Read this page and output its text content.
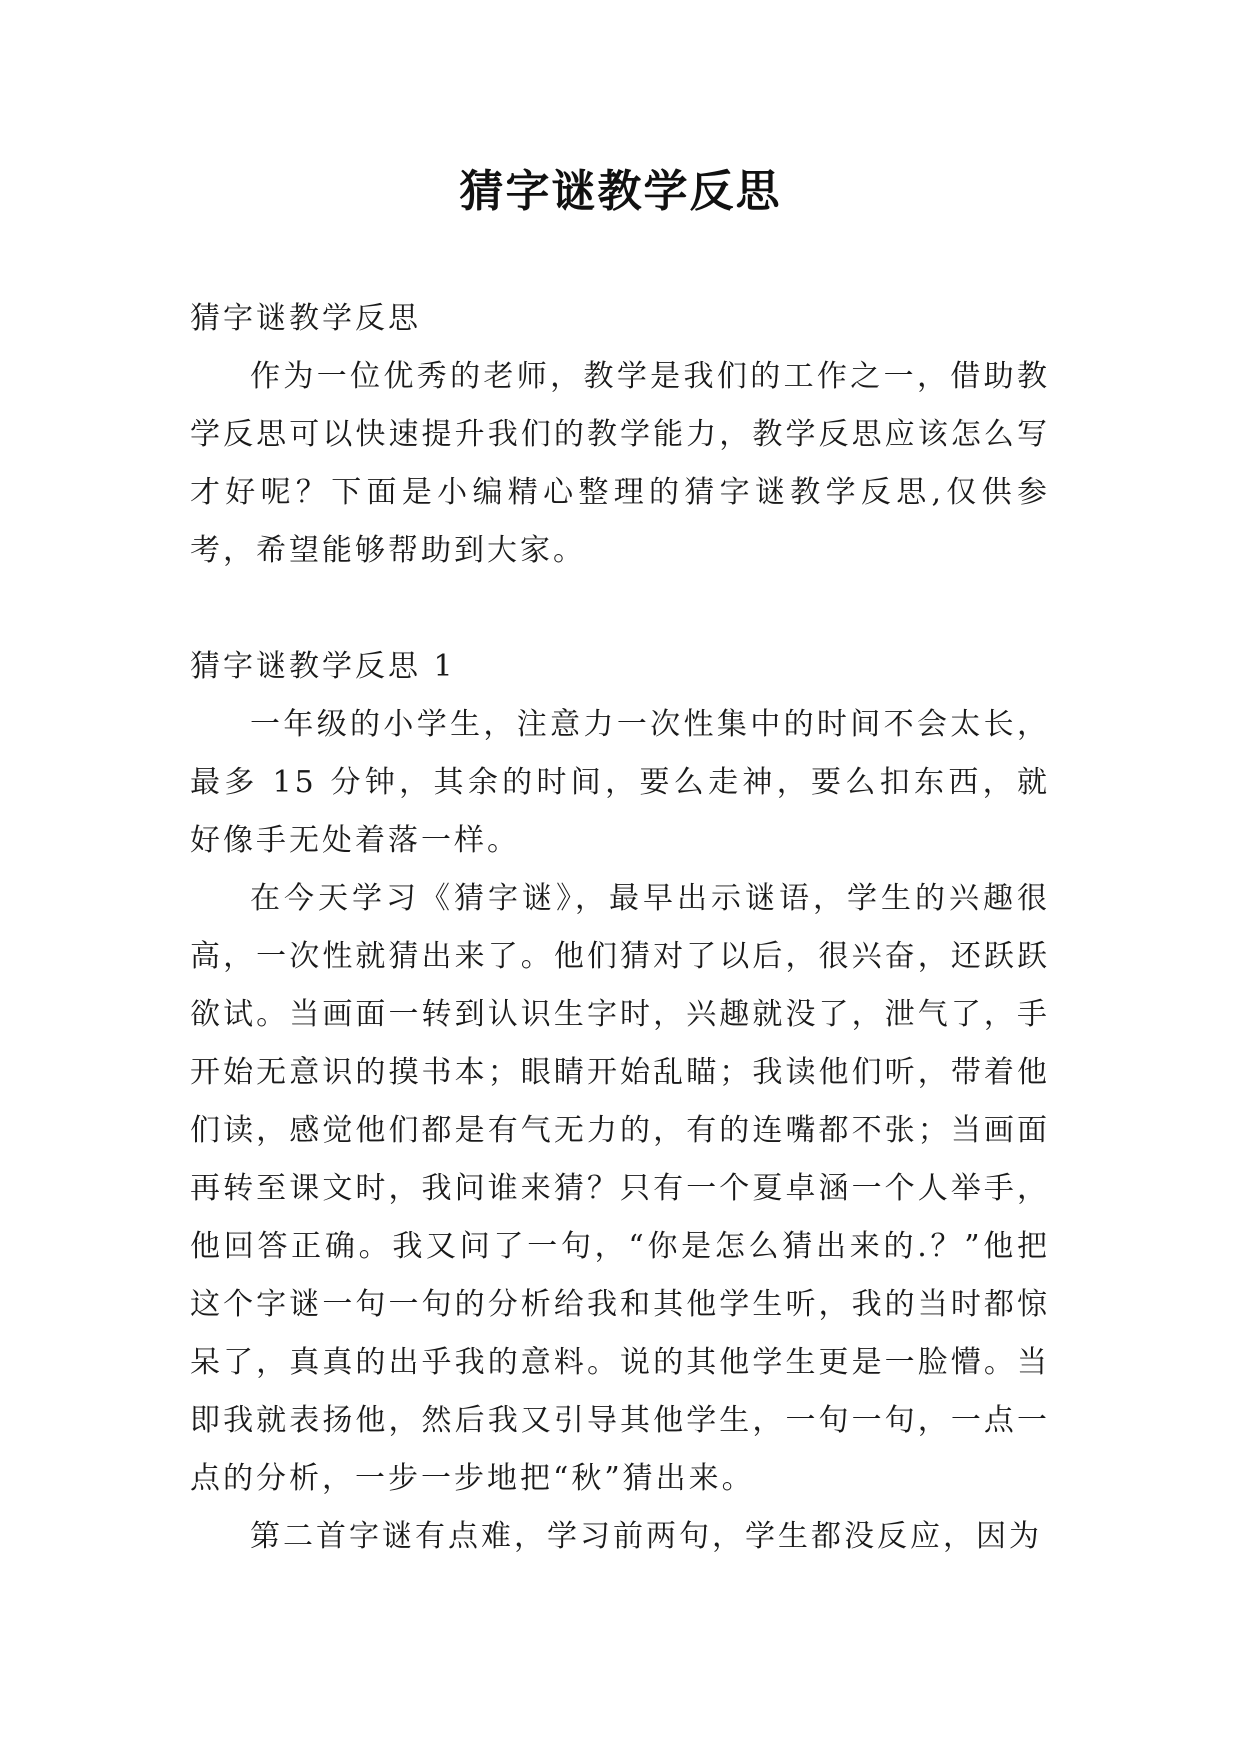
猜字谜教学反思

猜字谜教学反思

作为一位优秀的老师，教学是我们的工作之一，借助教学反思可以快速提升我们的教学能力，教学反思应该怎么写才好呢？下面是小编精心整理的猜字谜教学反思,仅供参考，希望能够帮助到大家。

猜字谜教学反思 1

一年级的小学生，注意力一次性集中的时间不会太长，最多 15 分钟，其余的时间，要么走神，要么扣东西，就好像手无处着落一样。

在今天学习《猜字谜》，最早出示谜语，学生的兴趣很高，一次性就猜出来了。他们猜对了以后，很兴奋，还跃跃欲试。当画面一转到认识生字时，兴趣就没了，泄气了，手开始无意识的摸书本；眼睛开始乱瞄；我读他们听，带着他们读，感觉他们都是有气无力的，有的连嘴都不张；当画面再转至课文时，我问谁来猜？只有一个夏卓涵一个人举手，他回答正确。我又问了一句，“你是怎么猜出来的.？”他把这个字谜一句一句的分析给我和其他学生听，我的当时都惊呆了，真真的出乎我的意料。说的其他学生更是一脸懵。当即我就表扬他，然后我又引导其他学生，一句一句，一点一点的分析，一步一步地把“秋”猜出来。

第二首字谜有点难，学习前两句，学生都没反应，因为
